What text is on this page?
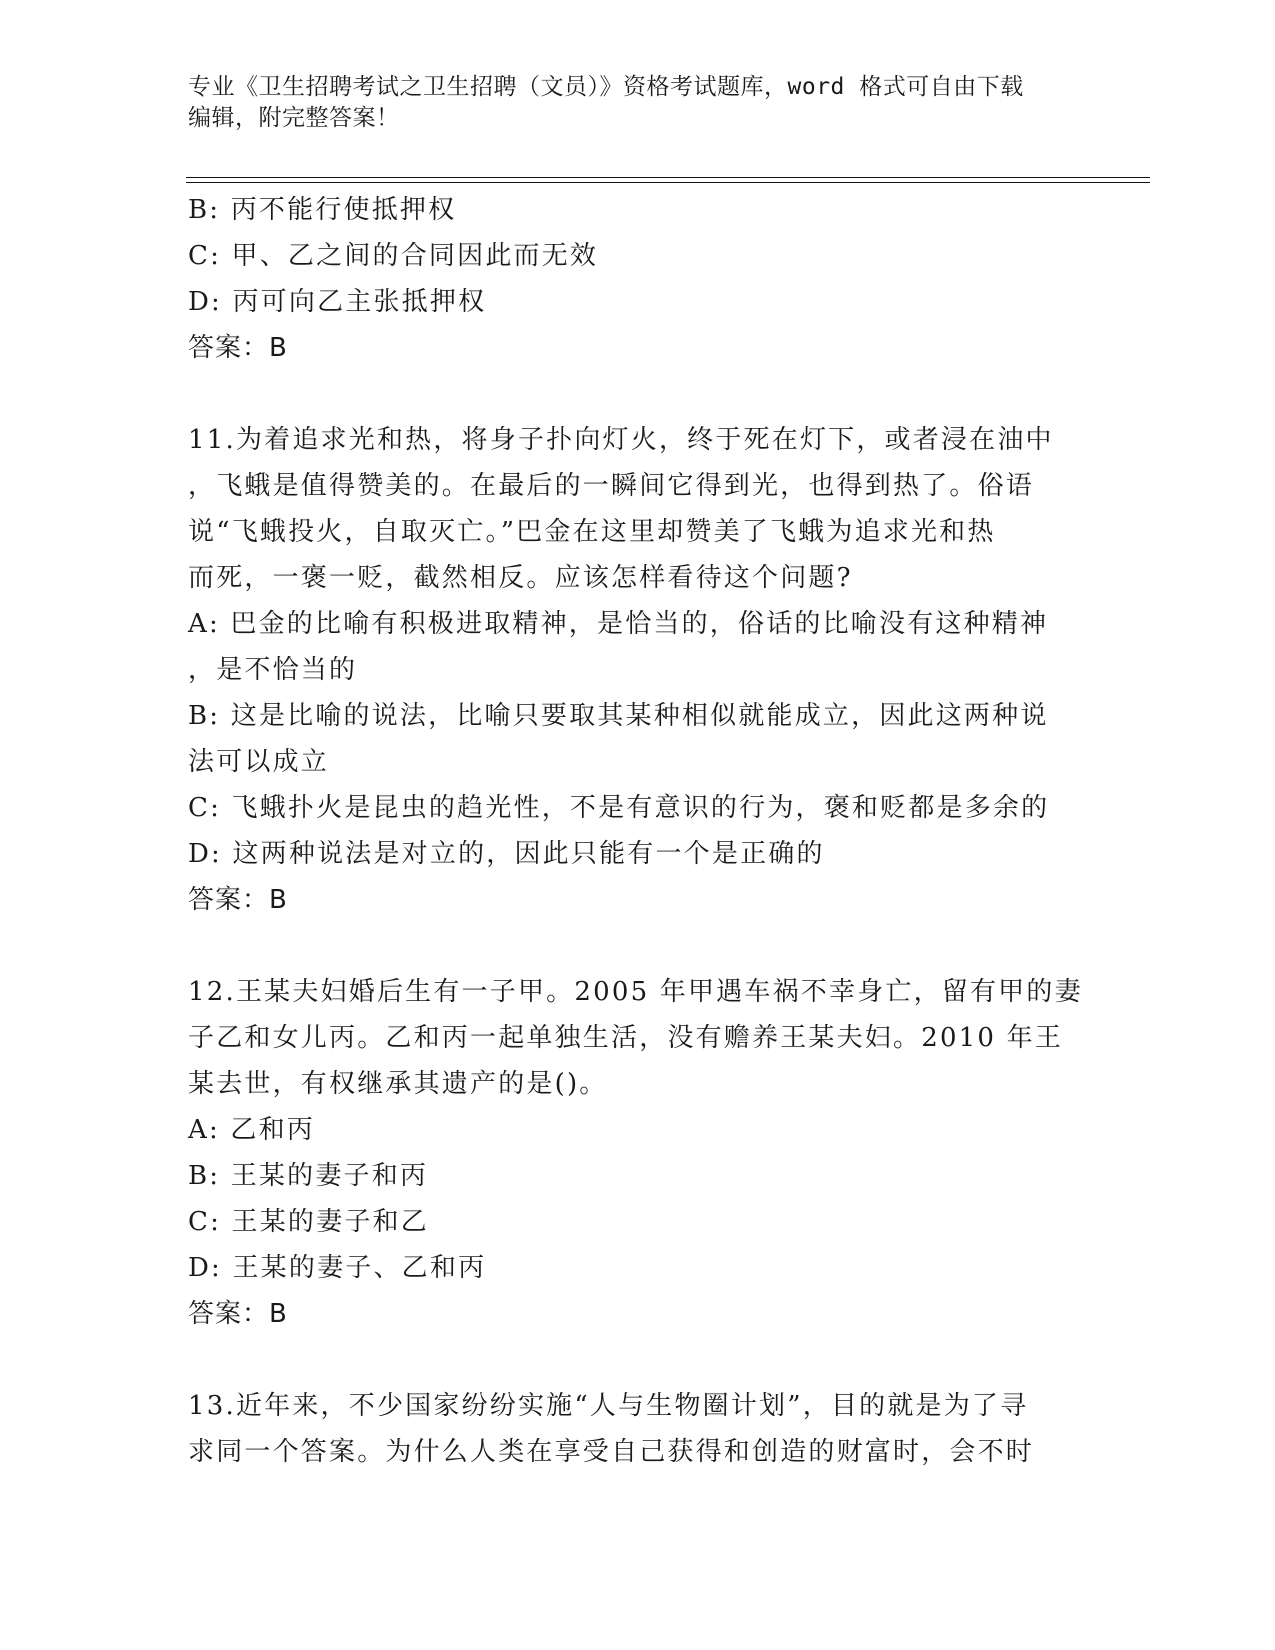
专业《卫生招聘考试之卫生招聘（文员）》资格考试题库，word 格式可自由下载
编辑，附完整答案！
B: 丙不能行使抵押权
C: 甲、乙之间的合同因此而无效
D: 丙可向乙主张抵押权
答案：B
11.为着追求光和热，将身子扑向灯火，终于死在灯下，或者浸在油中
，飞蛾是值得赞美的。在最后的一瞬间它得到光，也得到热了。俗语
说“飞蛾投火，自取灭亡。”巴金在这里却赞美了飞蛾为追求光和热
而死，一褒一贬，截然相反。应该怎样看待这个问题?
A: 巴金的比喻有积极进取精神，是恰当的，俗话的比喻没有这种精神
，是不恰当的
B: 这是比喻的说法，比喻只要取其某种相似就能成立，因此这两种说
法可以成立
C: 飞蛾扑火是昆虫的趋光性，不是有意识的行为，褒和贬都是多余的
D: 这两种说法是对立的，因此只能有一个是正确的
答案：B
12.王某夫妇婚后生有一子甲。2005 年甲遇车祸不幸身亡，留有甲的妻
子乙和女儿丙。乙和丙一起单独生活，没有赡养王某夫妇。2010 年王
某去世，有权继承其遗产的是()。
A: 乙和丙
B: 王某的妻子和丙
C: 王某的妻子和乙
D: 王某的妻子、乙和丙
答案：B
13.近年来，不少国家纷纷实施“人与生物圈计划”，目的就是为了寻
求同一个答案。为什么人类在享受自己获得和创造的财富时，会不时
